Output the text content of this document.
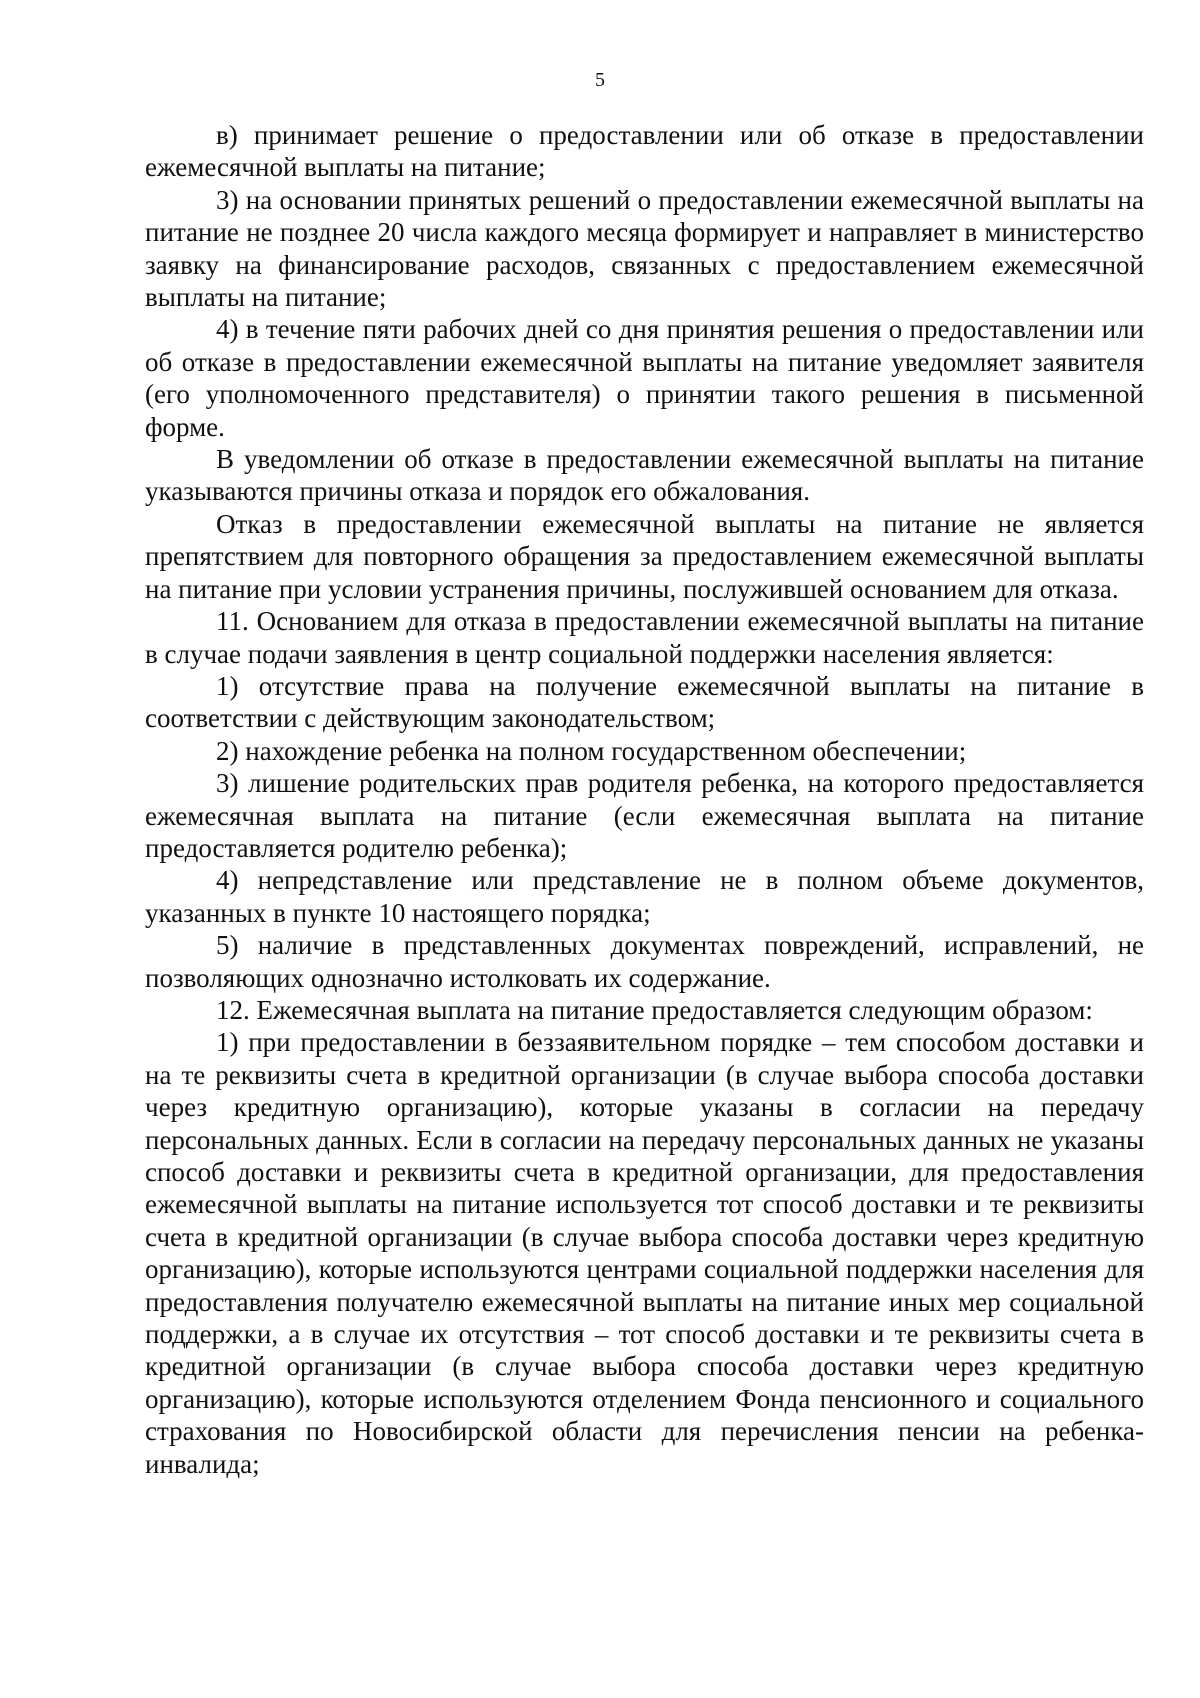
5

в) принимает решение о предоставлении или об отказе в предоставлении ежемесячной выплаты на питание;

3) на основании принятых решений о предоставлении ежемесячной выплаты на питание не позднее 20 числа каждого месяца формирует и направляет в министерство заявку на финансирование расходов, связанных с предоставлением ежемесячной выплаты на питание;

4) в течение пяти рабочих дней со дня принятия решения о предоставлении или об отказе в предоставлении ежемесячной выплаты на питание уведомляет заявителя (его уполномоченного представителя) о принятии такого решения в письменной форме.

В уведомлении об отказе в предоставлении ежемесячной выплаты на питание указываются причины отказа и порядок его обжалования.

Отказ в предоставлении ежемесячной выплаты на питание не является препятствием для повторного обращения за предоставлением ежемесячной выплаты на питание при условии устранения причины, послужившей основанием для отказа.

11. Основанием для отказа в предоставлении ежемесячной выплаты на питание в случае подачи заявления в центр социальной поддержки населения является:

1) отсутствие права на получение ежемесячной выплаты на питание в соответствии с действующим законодательством;

2) нахождение ребенка на полном государственном обеспечении;

3) лишение родительских прав родителя ребенка, на которого предоставляется ежемесячная выплата на питание (если ежемесячная выплата на питание предоставляется родителю ребенка);

4) непредставление или представление не в полном объеме документов, указанных в пункте 10 настоящего порядка;

5) наличие в представленных документах повреждений, исправлений, не позволяющих однозначно истолковать их содержание.

12. Ежемесячная выплата на питание предоставляется следующим образом:

1) при предоставлении в беззаявительном порядке – тем способом доставки и на те реквизиты счета в кредитной организации (в случае выбора способа доставки через кредитную организацию), которые указаны в согласии на передачу персональных данных. Если в согласии на передачу персональных данных не указаны способ доставки и реквизиты счета в кредитной организации, для предоставления ежемесячной выплаты на питание используется тот способ доставки и те реквизиты счета в кредитной организации (в случае выбора способа доставки через кредитную организацию), которые используются центрами социальной поддержки населения для предоставления получателю ежемесячной выплаты на питание иных мер социальной поддержки, а в случае их отсутствия – тот способ доставки и те реквизиты счета в кредитной организации (в случае выбора способа доставки через кредитную организацию), которые используются отделением Фонда пенсионного и социального страхования по Новосибирской области для перечисления пенсии на ребенка-инвалида;
